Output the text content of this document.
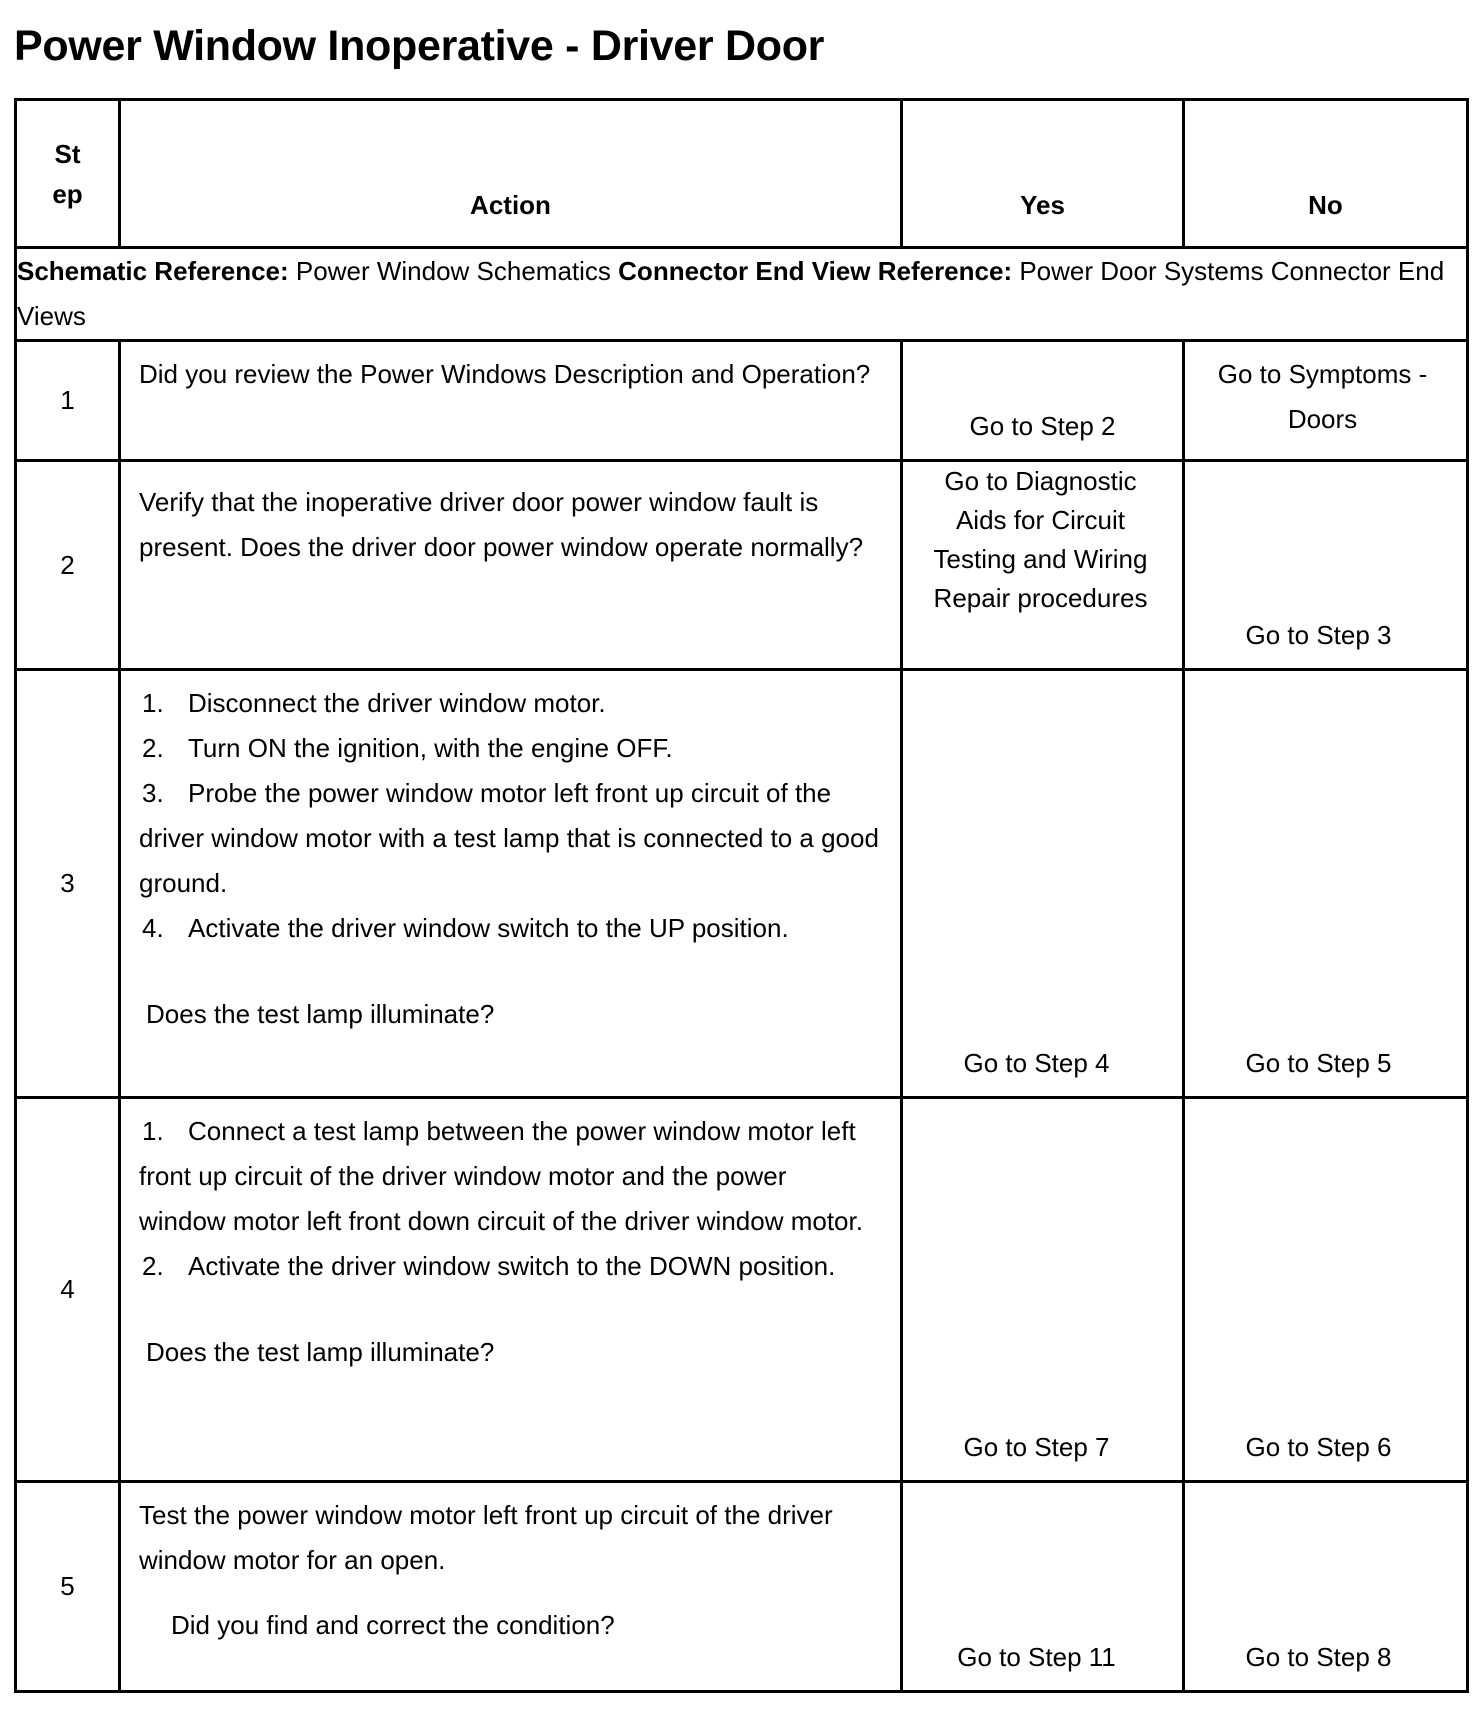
Power Window Inoperative - Driver Door
St ep	Action	Yes	No

Schematic Reference: Power Window Schematics Connector End View Reference: Power Door Systems Connector End Views			
1	Did you review the Power Windows Description and Operation?	Go to Step 2	Go to Symptoms - Doors

2	Verify that the inoperative driver door power window fault is present. Does the driver door power window operate normally?	Go to Diagnostic Aids for Circuit Testing and Wiring Repair procedures	Go to Step 3

3	1. Disconnect the driver window motor.
2. Turn ON the ignition, with the engine OFF.
3. Probe the power window motor left front up circuit of the driver window motor with a test lamp that is connected to a good ground.
4. Activate the driver window switch to the UP position.
Does the test lamp illuminate?	Go to Step 4	Go to Step 5

4	1. Connect a test lamp between the power window motor left front up circuit of the driver window motor and the power window motor left front down circuit of the driver window motor.
2. Activate the driver window switch to the DOWN position.
Does the test lamp illuminate?	Go to Step 7	Go to Step 6

5	Test the power window motor left front up circuit of the driver window motor for an open.
Did you find and correct the condition?	Go to Step 11	Go to Step 8
